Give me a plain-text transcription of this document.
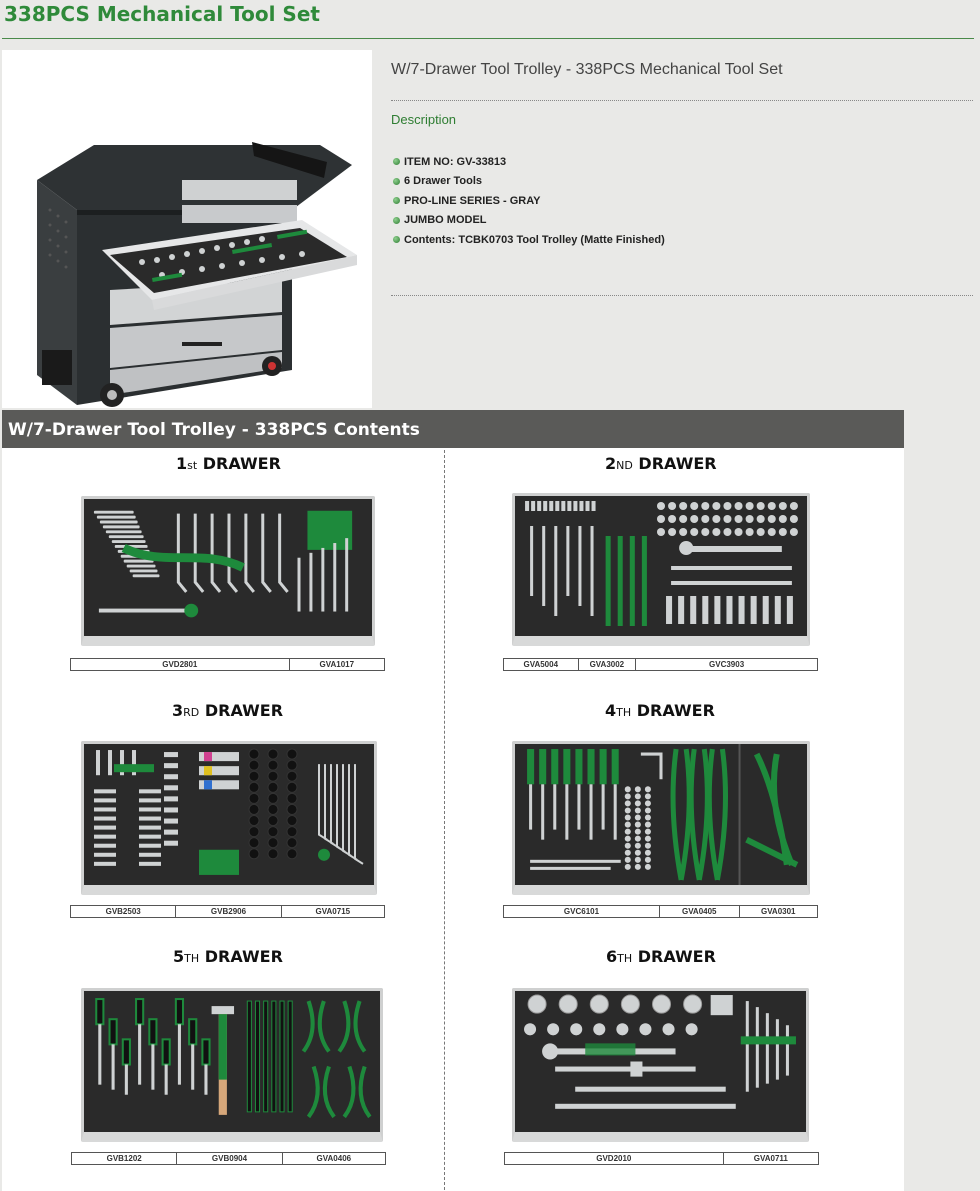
338PCS Mechanical Tool Set
W/7-Drawer Tool Trolley - 338PCS Mechanical Tool Set
Description
ITEM NO: GV-33813
6 Drawer Tools
PRO-LINE SERIES - GRAY
JUMBO MODEL
Contents: TCBK0703 Tool Trolley (Matte Finished)
W/7-Drawer Tool Trolley - 338PCS Contents
1st DRAWER
GVD2801	GVA1017
2ND DRAWER
GVA5004	GVA3002	GVC3903
3RD DRAWER
GVB2503	GVB2906	GVA0715
4TH DRAWER
GVC6101	GVA0405	GVA0301
5TH DRAWER
GVB1202	GVB0904	GVA0406
6TH DRAWER
GVD2010	GVA0711
